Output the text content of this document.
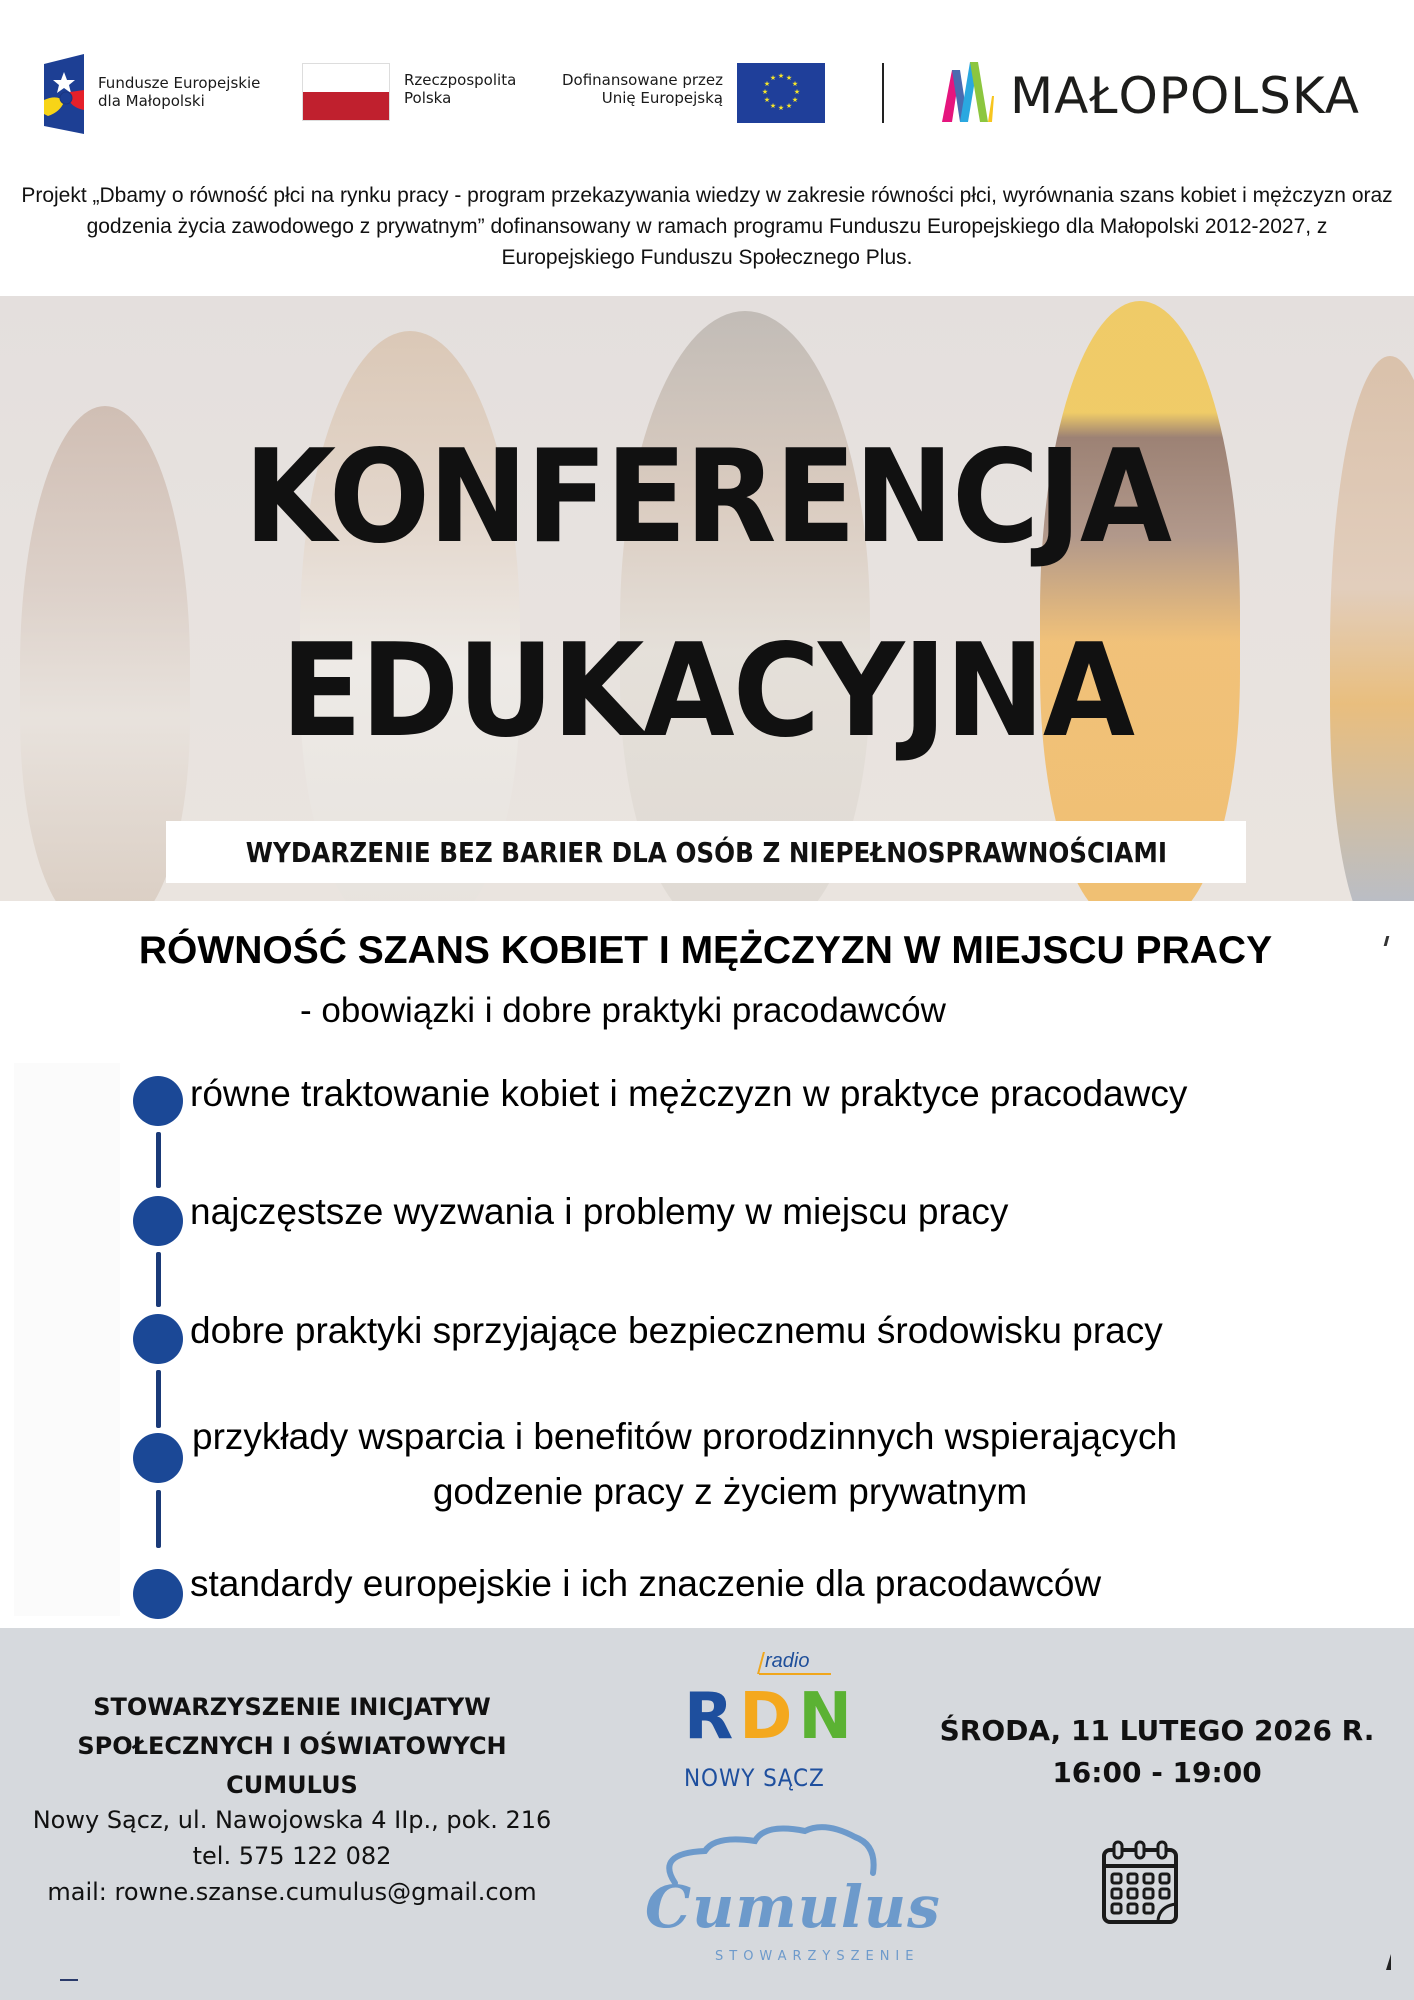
Fundusze Europejskie
dla Małopolski
Rzeczpospolita
Polska
Dofinansowane przez
Unię Europejską
★ ★
★
★
★
★
★
★
★
★
★
★	MAŁOPOLSKA
Projekt „Dbamy o równość płci na rynku pracy - program przekazywania wiedzy w zakresie równości płci, wyrównania szans kobiet i mężczyzn oraz godzenia życia zawodowego z prywatnym” dofinansowany w ramach programu Funduszu Europejskiego dla Małopolski 2012-2027, z Europejskiego Funduszu Społecznego Plus.
KONFERENCJA
EDUKACYJNA
WYDARZENIE BEZ BARIER DLA OSÓB Z NIEPEŁNOSPRAWNOŚCIAMI
RÓWNOŚĆ SZANS KOBIET I MĘŻCZYZN W MIEJSCU PRACY
- obowiązki i dobre praktyki pracodawców
równe traktowanie kobiet i mężczyzn w praktyce pracodawcy
najczęstsze wyzwania i problemy w miejscu pracy
dobre praktyki sprzyjające bezpiecznemu środowisku pracy
przykłady wsparcia i benefitów prorodzinnych wspierających
godzenie pracy z życiem prywatnym
standardy europejskie i ich znaczenie dla pracodawców
STOWARZYSZENIE INICJATYW
SPOŁECZNYCH I OŚWIATOWYCH
CUMULUS
Nowy Sącz, ul. Nawojowska 4 IIp., pok. 216
tel. 575 122 082
mail: rowne.szanse.cumulus@gmail.com
radio
RDN
NOWY SĄCZ
Cumulus
STOWARZYSZENIE
ŚRODA, 11 LUTEGO 2026 R.
16:00 - 19:00
